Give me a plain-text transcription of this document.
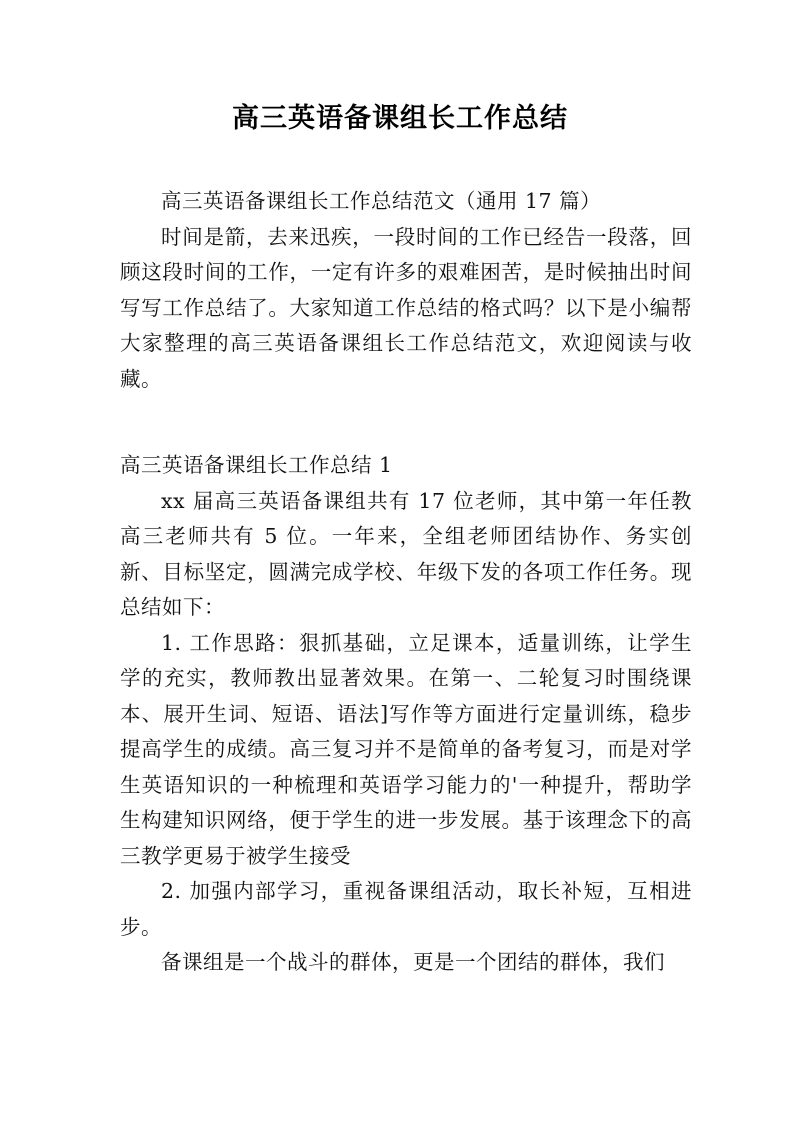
高三英语备课组长工作总结

高三英语备课组长工作总结范文（通用 17 篇）

时间是箭，去来迅疾，一段时间的工作已经告一段落，回顾这段时间的工作，一定有许多的艰难困苦，是时候抽出时间写写工作总结了。大家知道工作总结的格式吗？以下是小编帮大家整理的高三英语备课组长工作总结范文，欢迎阅读与收藏。

高三英语备课组长工作总结 1

xx 届高三英语备课组共有 17 位老师，其中第一年任教高三老师共有 5 位。一年来，全组老师团结协作、务实创新、目标坚定，圆满完成学校、年级下发的各项工作任务。现总结如下：

1. 工作思路：狠抓基础，立足课本，适量训练，让学生学的充实，教师教出显著效果。在第一、二轮复习时围绕课本、展开生词、短语、语法]写作等方面进行定量训练，稳步提高学生的成绩。高三复习并不是简单的备考复习，而是对学生英语知识的一种梳理和英语学习能力的'一种提升，帮助学生构建知识网络，便于学生的进一步发展。基于该理念下的高三教学更易于被学生接受

2. 加强内部学习，重视备课组活动，取长补短，互相进步。

备课组是一个战斗的群体，更是一个团结的群体，我们
